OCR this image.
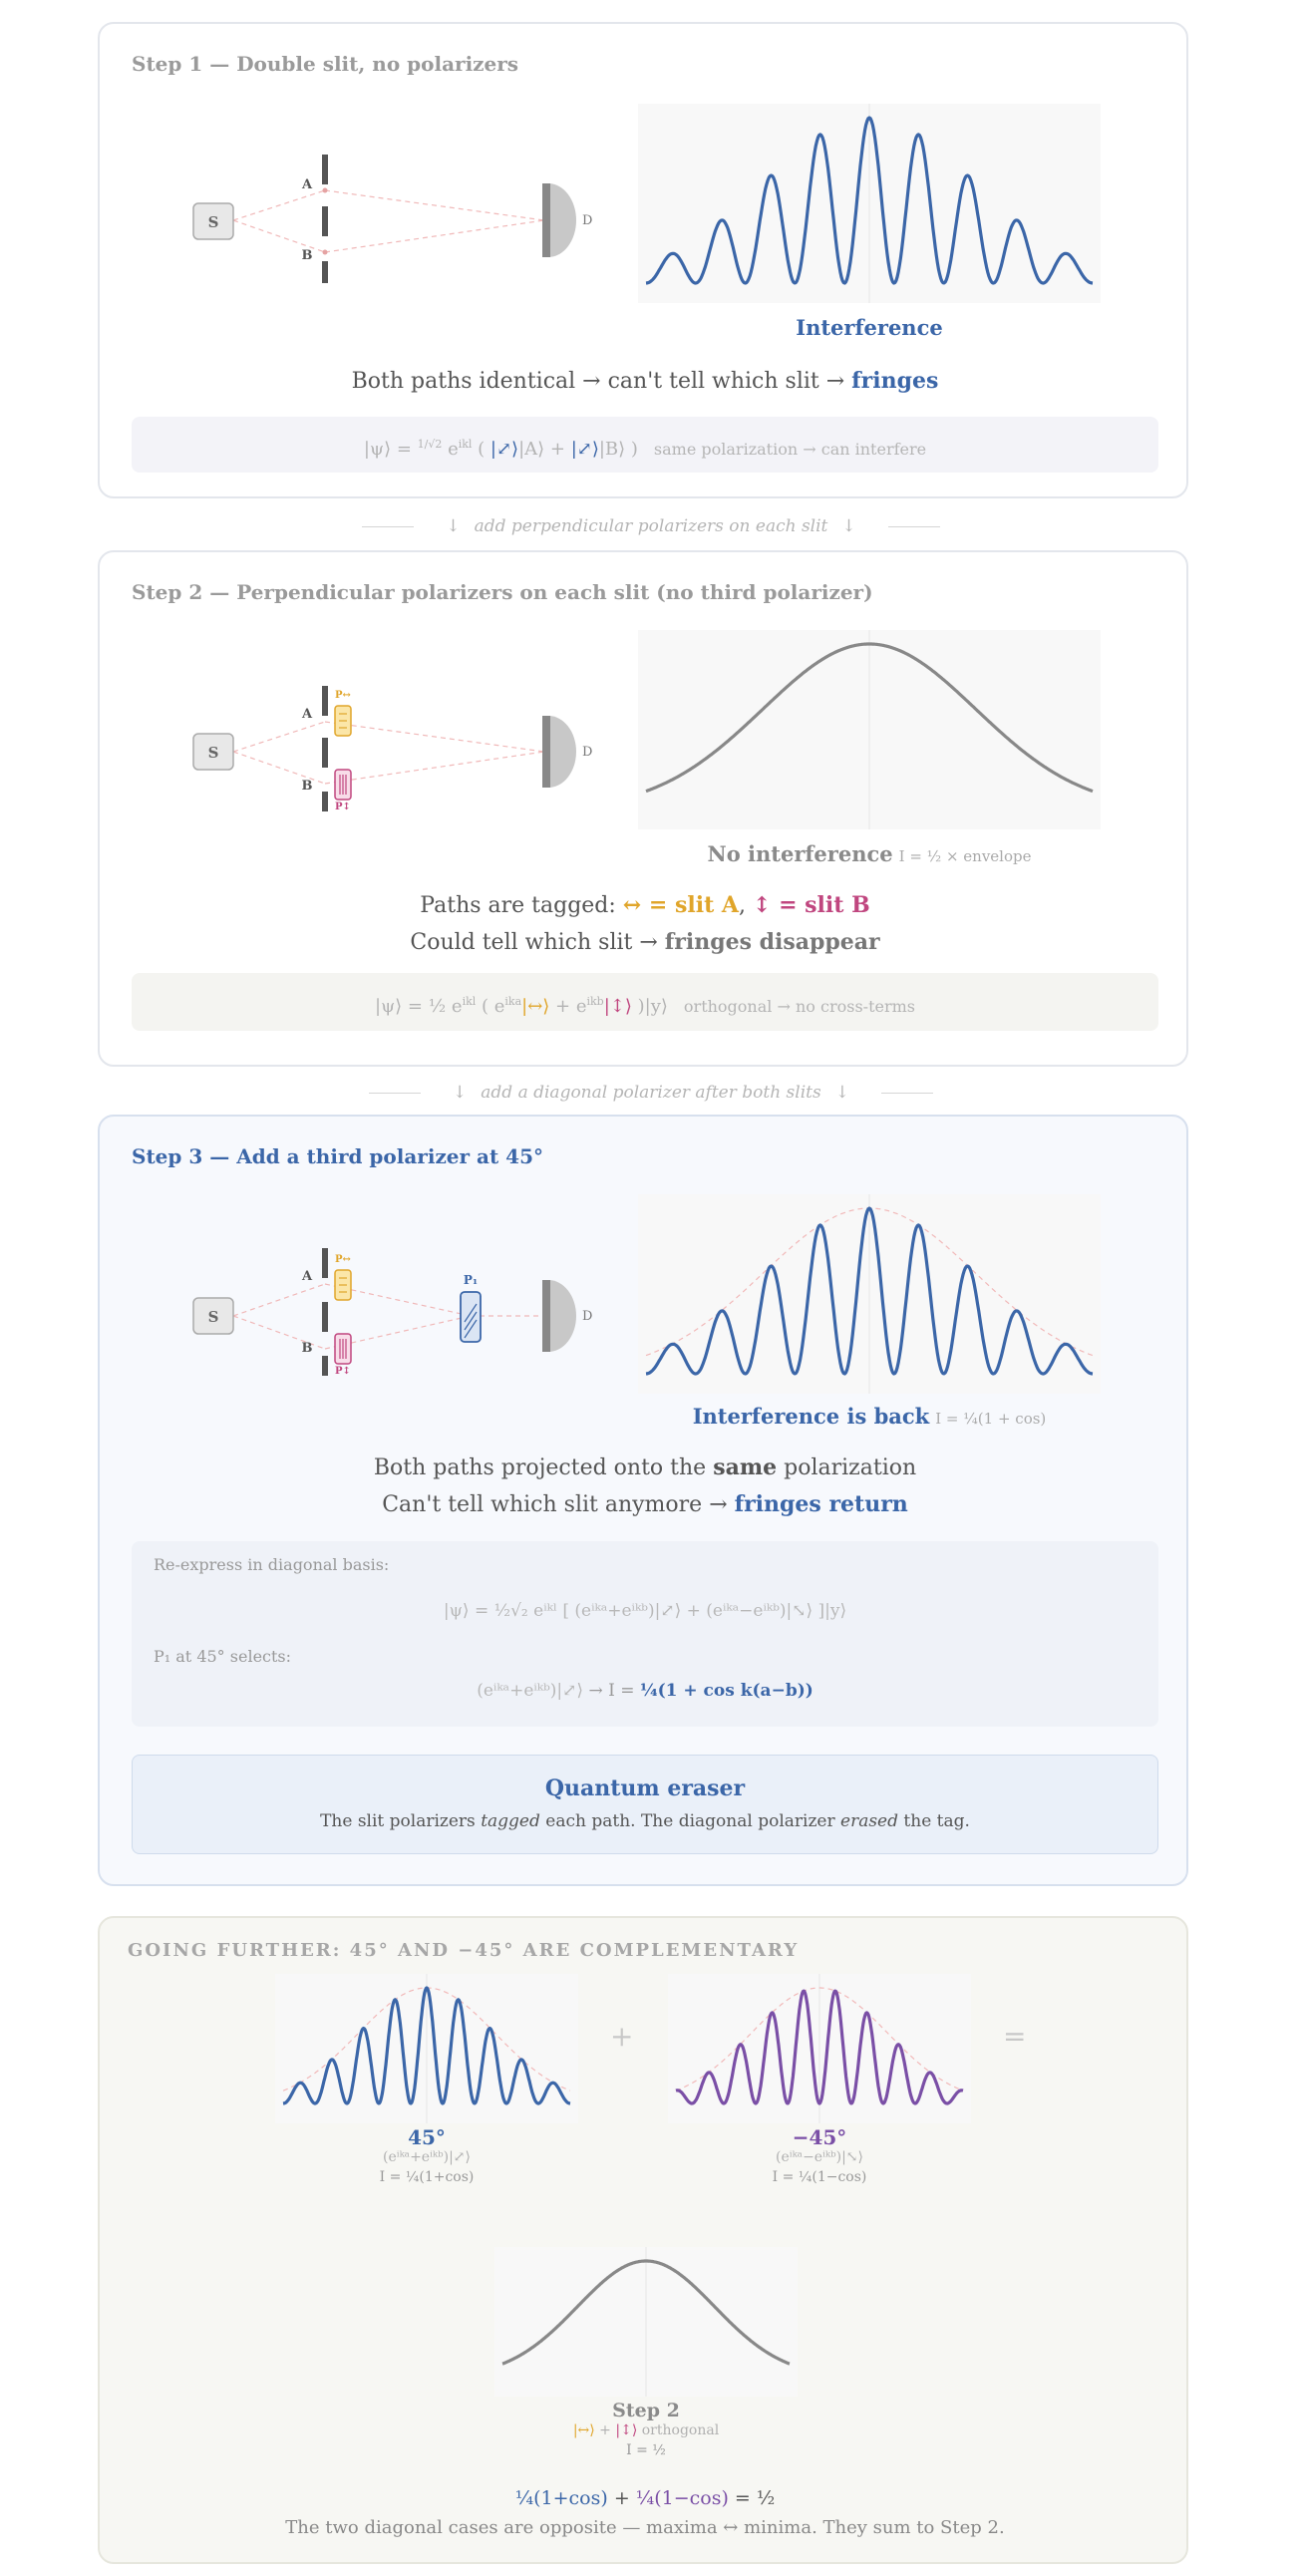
Step 1 — Double slit, no polarizers
S
A
B
D
Interference
Both paths identical → can't tell which slit → fringes
|ψ⟩ = $^{1/√2}$ $e^{ikl}$ ( |⤢⟩|A⟩ + |⤢⟩|B⟩ ) same polarization → can interfere
↓ add perpendicular polarizers on each slit ↓
Step 2 — Perpendicular polarizers on each slit (no third polarizer)
S
A
B
P↔
P↕
D
No interference I = ½ × envelope
Paths are tagged: ↔ = slit A, ↕ = slit B
Could tell which slit → fringes disappear
|ψ⟩ = ½ $e^{ikl}$ ( $e^{ika}|\leftrightarrow⟩$ + $e^{ikb}|↕⟩$ )|y⟩ orthogonal → no cross-terms
↓ add a diagonal polarizer after both slits ↓
Step 3 — Add a third polarizer at 45°
S
A
B
P↔
P↕
P₁
D
Interference is back I = ¼(1 + cos)
Both paths projected onto the same polarization
Can't tell which slit anymore → fringes return
Re-express in diagonal basis:
|ψ⟩ = ¹⁄₂√₂ eⁱᵏˡ [ (eⁱᵏᵃ+eⁱᵏᵇ)|⤢⟩ + (eⁱᵏᵃ−eⁱᵏᵇ)|⤡⟩ ]|y⟩
P₁ at 45° selects:
(eⁱᵏᵃ+eⁱᵏᵇ)|⤢⟩ → I = ¼(1 + cos k(a−b))
Quantum eraser
The slit polarizers tagged each path. The diagonal polarizer erased the tag.
GOING FURTHER: 45° AND −45° ARE COMPLEMENTARY
+	=
45°
(eⁱᵏᵃ+eⁱᵏᵇ)|⤢⟩
I = ¼(1+cos)
−45°
(eⁱᵏᵃ−eⁱᵏᵇ)|⤡⟩
I = ¼(1−cos)
Step 2
|↔⟩ + |↕⟩ orthogonal
I = ½
¼(1+cos) + ¼(1−cos) = ½
The two diagonal cases are opposite — maxima ↔ minima. They sum to Step 2.
